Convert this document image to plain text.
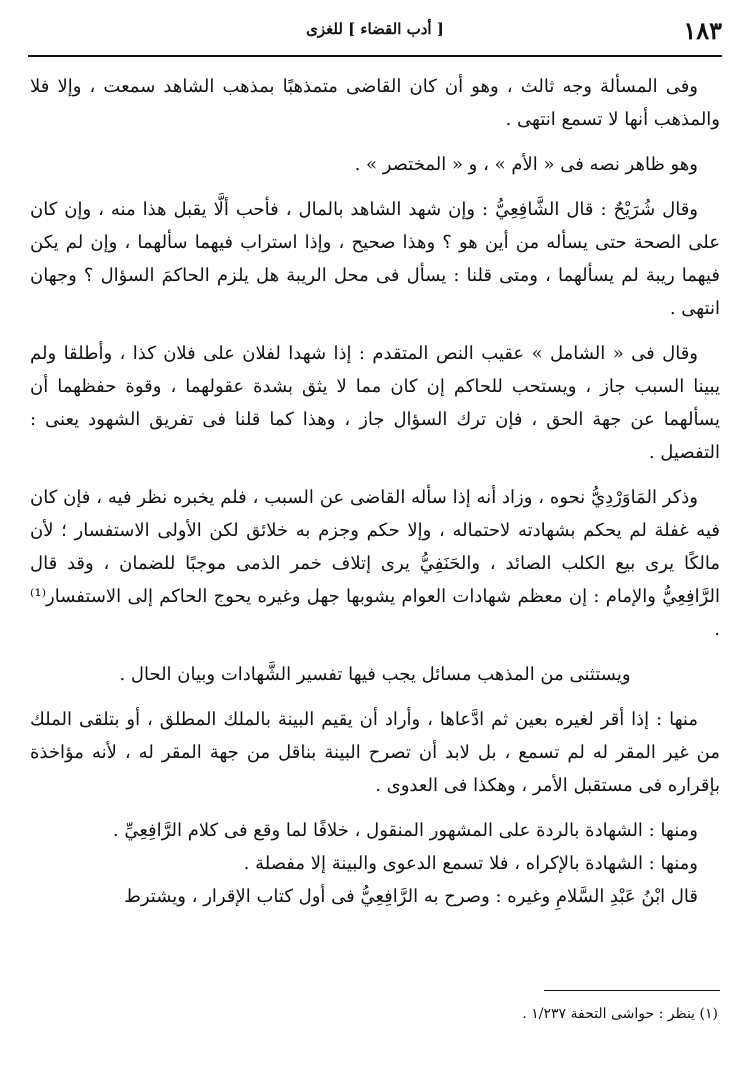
١٨٣
[ أدب القضاء ] للغزى

وفى المسألة وجه ثالث ، وهو أن كان القاضى متمذهبًا بمذهب الشاهد سمعت ، وإلا فلا والمذهب أنها لا تسمع انتهى .

وهو ظاهر نصه فى « الأم » ، و « المختصر » .

وقال شُرَيْحٌ : قال الشَّافِعِيُّ : وإن شهد الشاهد بالمال ، فأحب ألَّا يقبل هذا منه ، وإن كان على الصحة حتى يسأله من أين هو ؟ وهذا صحيح ، وإذا استراب فيهما سألهما ، وإن لم يكن فيهما ريبة لم يسألهما ، ومتى قلنا : يسأل فى محل الريبة هل يلزم الحاكمَ السؤال ؟ وجهان انتهى .

وقال فى « الشامل » عقيب النص المتقدم : إذا شهدا لفلان على فلان كذا ، وأطلقا ولم يبينا السبب جاز ، ويستحب للحاكم إن كان مما لا يثق بشدة عقولهما ، وقوة حفظهما أن يسألهما عن جهة الحق ، فإن ترك السؤال جاز ، وهذا كما قلنا فى تفريق الشهود يعنى : التفصيل .

وذكر المَاوَرْدِيُّ نحوه ، وزاد أنه إذا سأله القاضى عن السبب ، فلم يخبره نظر فيه ، فإن كان فيه غفلة لم يحكم بشهادته لاحتماله ، وإلا حكم وجزم به خلائق لكن الأولى الاستفسار ؛ لأن مالكًا يرى بيع الكلب الصائد ، والحَنَفِيُّ يرى إتلاف خمر الذمى موجبًا للضمان ، وقد قال الرَّافِعِيُّ والإمام : إن معظم شهادات العوام يشوبها جهل وغيره يحوج الحاكم إلى الاستفسار⁽¹⁾ .

ويستثنى من المذهب مسائل يجب فيها تفسير الشَّهادات وبيان الحال .

منها : إذا أقر لغيره بعين ثم ادَّعاها ، وأراد أن يقيم البينة بالملك المطلق ، أو بتلقى الملك من غير المقر له لم تسمع ، بل لابد أن تصرح البينة بناقل من جهة المقر له ، لأنه مؤاخذة بإقراره فى مستقبل الأمر ، وهكذا فى العدوى .

ومنها : الشهادة بالردة على المشهور المنقول ، خلافًا لما وقع فى كلام الرَّافِعِيِّ .

ومنها : الشهادة بالإكراه ، فلا تسمع الدعوى والبينة إلا مفصلة .

قال ابْنُ عَبْدِ السَّلامِ وغيره : وصرح به الرَّافِعِيُّ فى أول كتاب الإقرار ، ويشترط

(١) ينظر : حواشى التحفة ١/٢٣٧ .
